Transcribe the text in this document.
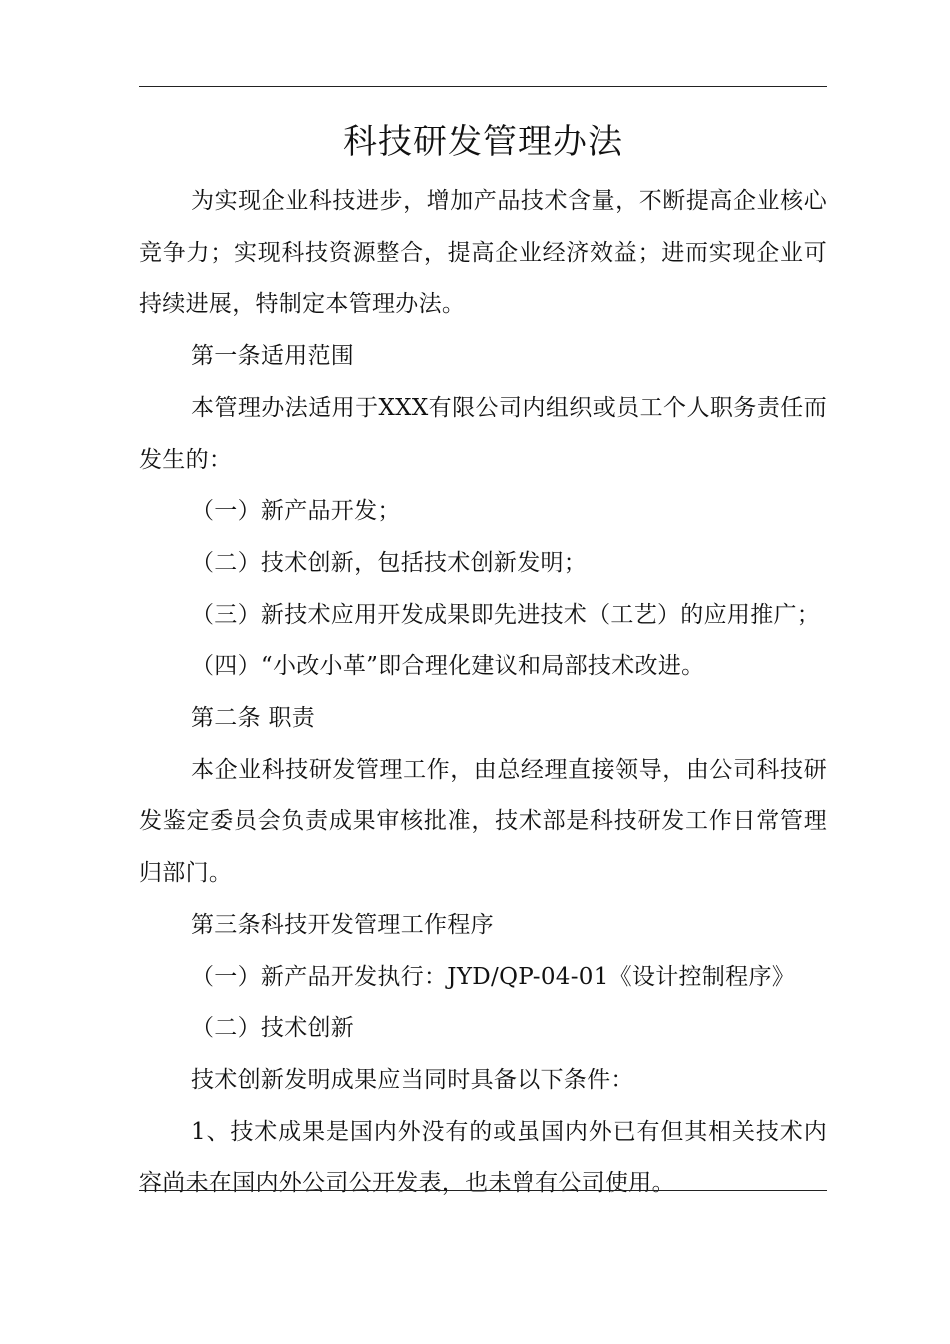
科技研发管理办法

为实现企业科技进步，增加产品技术含量，不断提高企业核心竞争力；实现科技资源整合，提高企业经济效益；进而实现企业可持续进展，特制定本管理办法。

第一条适用范围

本管理办法适用于XXX有限公司内组织或员工个人职务责任而发生的：

（一）新产品开发；

（二）技术创新，包括技术创新发明；

（三）新技术应用开发成果即先进技术（工艺）的应用推广；

（四）“小改小革”即合理化建议和局部技术改进。

第二条 职责

本企业科技研发管理工作，由总经理直接领导，由公司科技研发鉴定委员会负责成果审核批准，技术部是科技研发工作日常管理归部门。

第三条科技开发管理工作程序

（一）新产品开发执行：JYD/QP-04-01《设计控制程序》

（二）技术创新

技术创新发明成果应当同时具备以下条件：

1、技术成果是国内外没有的或虽国内外已有但其相关技术内容尚未在国内外公司公开发表，也未曾有公司使用。
